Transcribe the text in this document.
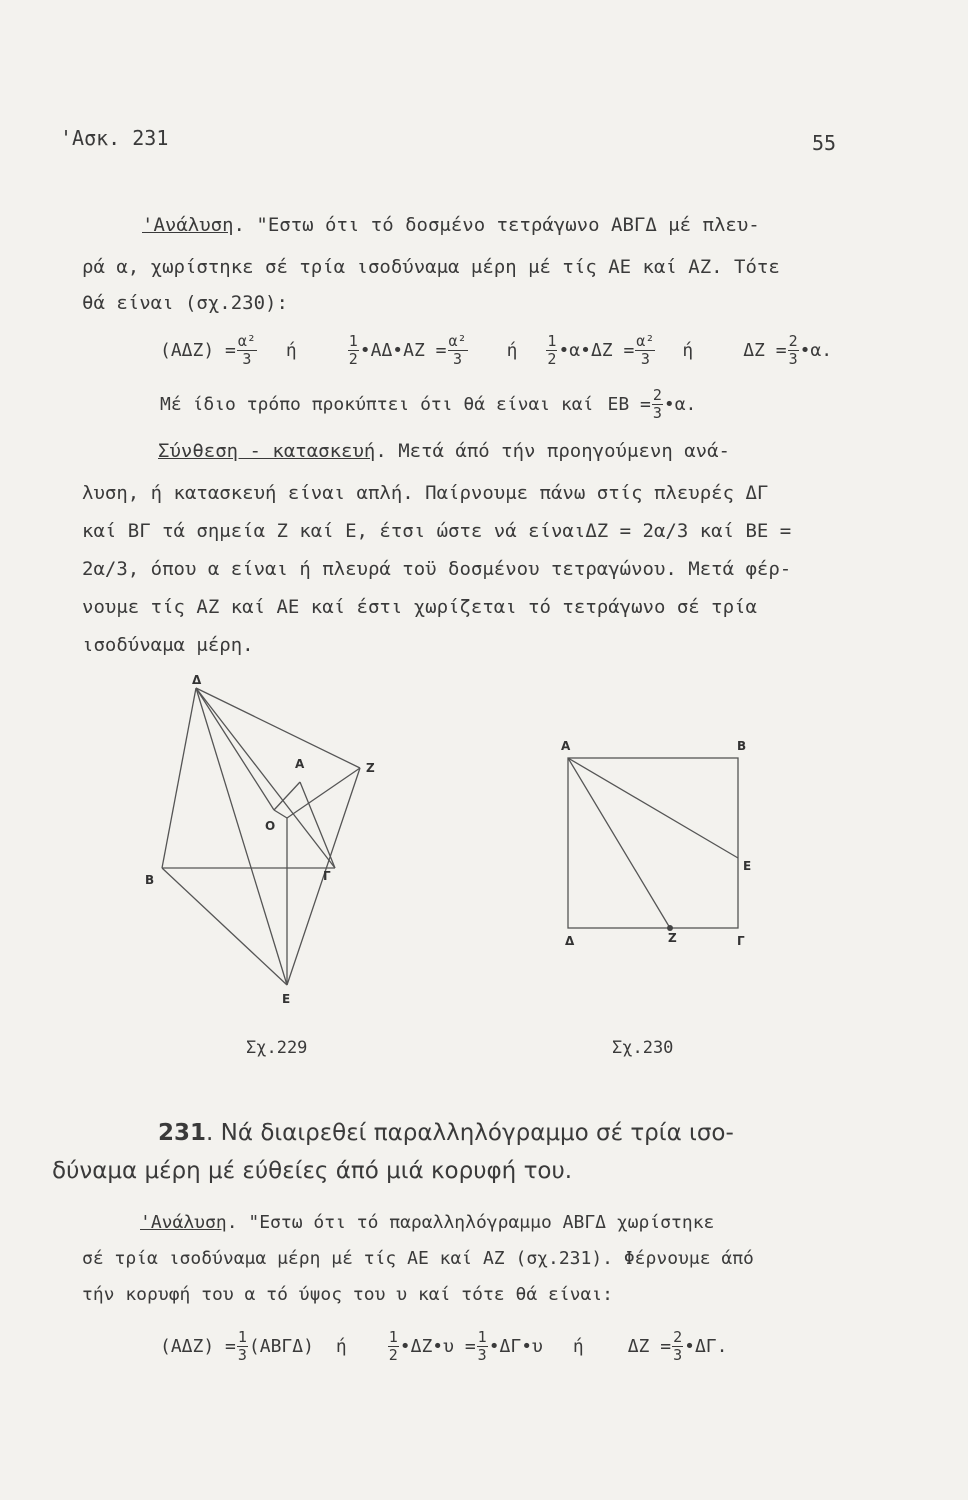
'Ασκ. 231	55
'Ανάλυση. "Εστω ότι τό δοσμένο τετράγωνο ΑΒΓΔ μέ πλευ-
ρά α, χωρίστηκε σέ τρία ισοδύναμα μέρη μέ τίς ΑΕ καί ΑΖ. Τότε
θά είναι (σχ.230):
$(A\Delta Z) = \frac{\text{α²}}{3}$ ή	$\frac{1}{2}$ •ΑΔ•ΑΖ = $\frac{\text{α²}}{3}$ ή $\frac{1}{2}$ •α•ΔΖ = $\frac{\text{α²}}{3}$ ή	$\Delta Z = \frac{2}{3}$ •α.
Μέ ίδιο τρόπο προκύπτει ότι θά είναι καί $EB = \frac{2}{3}$ •α.
Σύνθεση - κατασκευή. Μετά άπό τήν προηγούμενη ανά-
λυση, ή κατασκευή είναι απλή. Παίρνουμε πάνω στίς πλευρές ΔΓ
καί ΒΓ τά σημεία Ζ καί Ε, έτσι ώστε νά είναιΔΖ = 2α/3 καί ΒΕ =
2α/3, όπου α είναι ή πλευρά τοϋ δοσμένου τετραγώνου. Μετά φέρ-
νουμε τίς ΑΖ καί ΑΕ καί έστι χωρίζεται τό τετράγωνο σέ τρία
ισοδύναμα μέρη.
Δ
Α	Ζ
Ο
Β	Γ
Ε
Σχ.229
Α	Β
Ε
Δ	Ζ	Γ
Σχ.230
231. Νά διαιρεθεί παραλληλόγραμμο σέ τρία ισο-
δύναμα μέρη μέ εύθείες άπό μιά κορυφή του.
'Ανάλυση. "Εστω ότι τό παραλληλόγραμμο ΑΒΓΔ χωρίστηκε
σέ τρία ισοδύναμα μέρη μέ τίς ΑΕ καί ΑΖ (σχ.231). Φέρνουμε άπό
τήν κορυφή του α τό ύψος του υ καί τότε θά είναι:
$(A\Delta Z) = \frac{1}{3} (AB\Gamma\Delta)$ ή	$\frac{1}{2}$ •ΔΖ•υ = $\frac{1}{3}$ •ΔΓ•υ ή $\Delta Z = \frac{2}{3}$ •ΔΓ.
